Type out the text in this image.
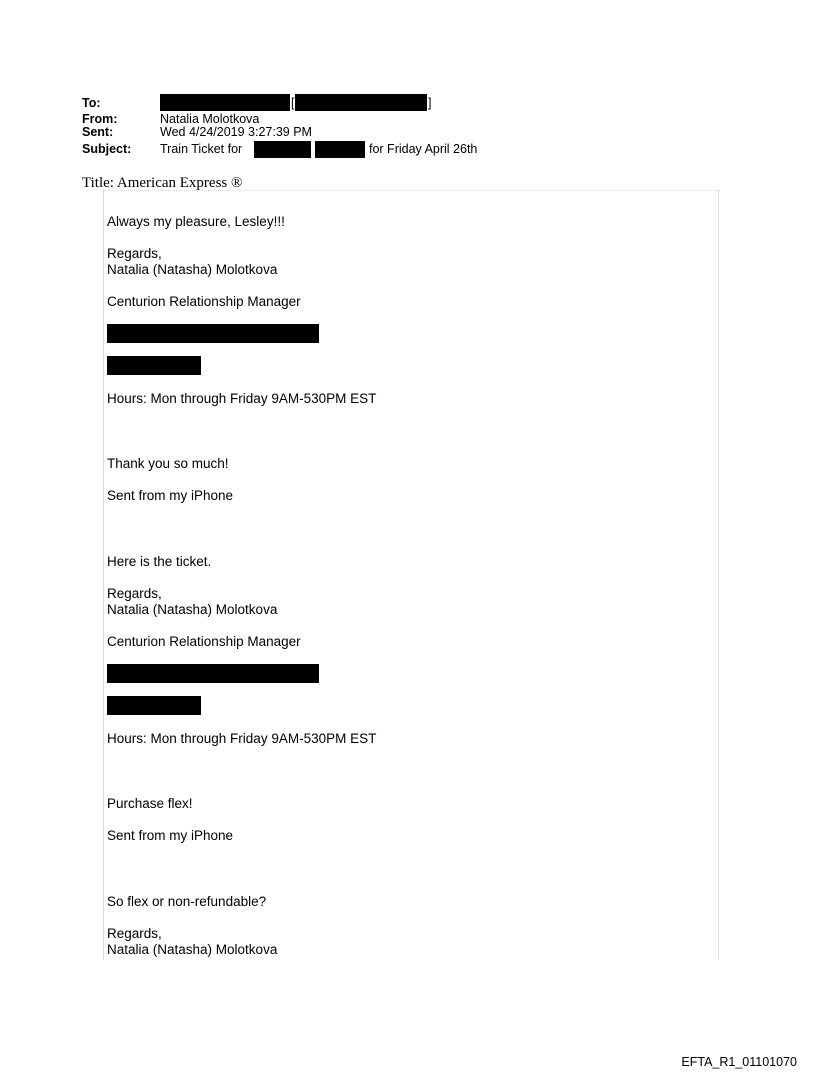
To:	[	]
From:	Natalia Molotkova
Sent:	Wed 4/24/2019 3:27:39 PM
Subject: Train Ticket for	for Friday April 26th
Title: American Express ®
Always my pleasure, Lesley!!!
Regards,
Natalia (Natasha) Molotkova
Centurion Relationship Manager
Hours: Mon through Friday 9AM-530PM EST
Thank you so much!
Sent from my iPhone
Here is the ticket.
Regards,
Natalia (Natasha) Molotkova
Centurion Relationship Manager
Hours: Mon through Friday 9AM-530PM EST
Purchase flex!
Sent from my iPhone
So flex or non-refundable?
Regards,
Natalia (Natasha) Molotkova
EFTA_R1_01101070
